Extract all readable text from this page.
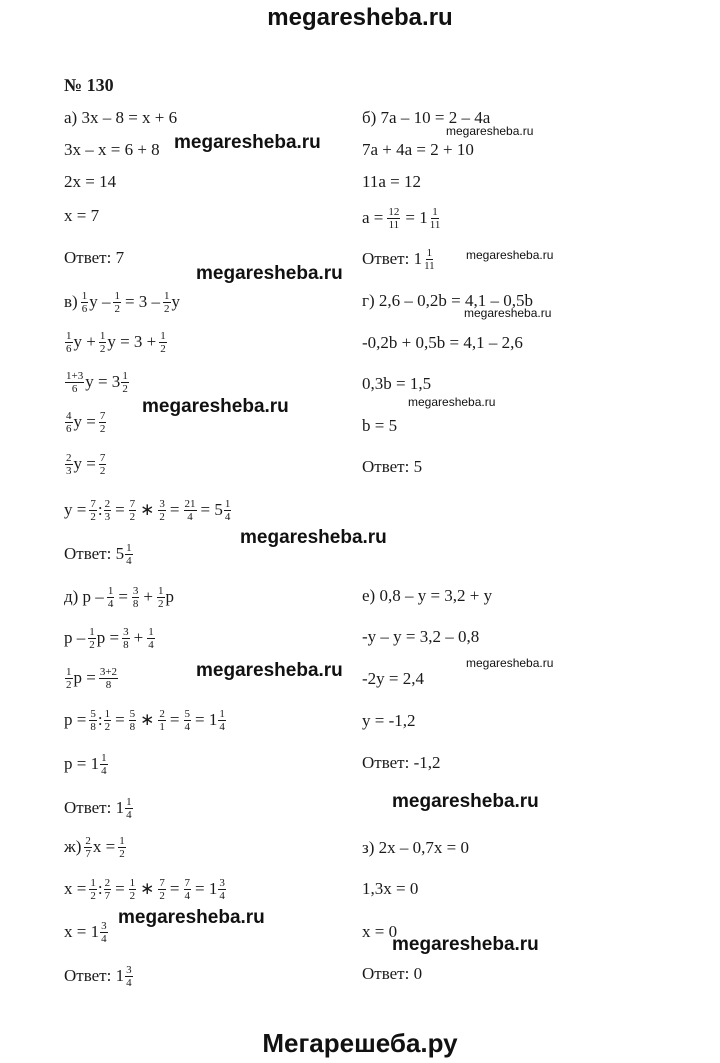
megaresheba.ru
№ 130
а) 3x – 8 = x + 6
3x – x = 6 + 8
2x = 14
x = 7
Ответ: 7
б) 7a – 10 = 2 – 4a
7a + 4a = 2 + 10
11a = 12
$a = \frac{12}{11} = 1 \frac{1}{11}$
Ответ: $1 \frac{1}{11}$
$в) \frac{1}{6}$ $y - \frac{1}{2} = 3 - \frac{1}{2}$ y
$\frac{1}{6}$ $y + \frac{1}{2}$ $y = 3 + \frac{1}{2}$
$\frac{1+3}{6}$ $y = 3 \frac{1}{2}$
$\frac{4}{6}$ $y = \frac{7}{2}$
$\frac{2}{3}$ $y = \frac{7}{2}$
$y = \frac{7}{2}$ : $\frac{2}{3} = \frac{7}{2}$ ∗ $\frac{3}{2} = \frac{21}{4} = 5 \frac{1}{4}$
Ответ: $5 \frac{1}{4}$
г) 2,6 – 0,2b = 4,1 – 0,5b
-0,2b + 0,5b = 4,1 – 2,6
0,3b = 1,5
b = 5
Ответ: 5
д) $p - \frac{1}{4} = \frac{3}{8} + \frac{1}{2}$ p
p – $\frac{1}{2}$ $p = \frac{3}{8} + \frac{1}{4}$
$\frac{1}{2}$ $p = \frac{3+2}{8}$
$p = \frac{5}{8}$ : $\frac{1}{2} = \frac{5}{8}$ ∗ $\frac{2}{1} = \frac{5}{4} = 1 \frac{1}{4}$
$p = 1 \frac{1}{4}$
Ответ: $1 \frac{1}{4}$
е) 0,8 – y = 3,2 + y
-y – y = 3,2 – 0,8
-2y = 2,4
y = -1,2
Ответ: -1,2
$ж) \frac{2}{7}$ $x = \frac{1}{2}$
$x = \frac{1}{2}$ : $\frac{2}{7} = \frac{1}{2}$ ∗ $\frac{7}{2} = \frac{7}{4} = 1 \frac{3}{4}$
$x = 1 \frac{3}{4}$
Ответ: $1 \frac{3}{4}$
з) 2x – 0,7x = 0
1,3x = 0
x = 0
Ответ: 0
megaresheba.ru
megaresheba.ru
megaresheba.ru
megaresheba.ru
megaresheba.ru
megaresheba.ru
megaresheba.ru
megaresheba.ru
megaresheba.ru
megaresheba.ru
megaresheba.ru
megaresheba.ru
megaresheba.ru
Мегарешеба.ру
